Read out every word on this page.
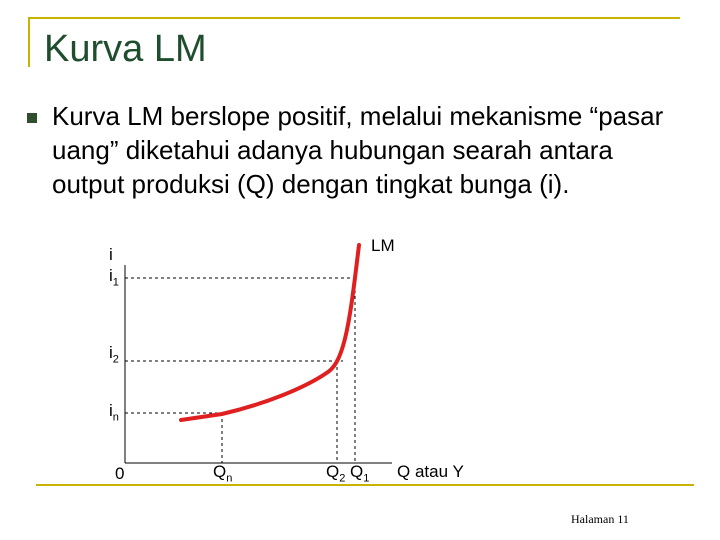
Kurva LM
Kurva LM berslope positif, melalui mekanisme “pasar uang” diketahui adanya hubungan searah antara output produksi (Q) dengan tingkat bunga (i).
LM
i
$i_1$
$i_2$
$i_n$
0	$Q_n$	$Q_2$ $Q_1$ Q atau Y
Halaman 11
